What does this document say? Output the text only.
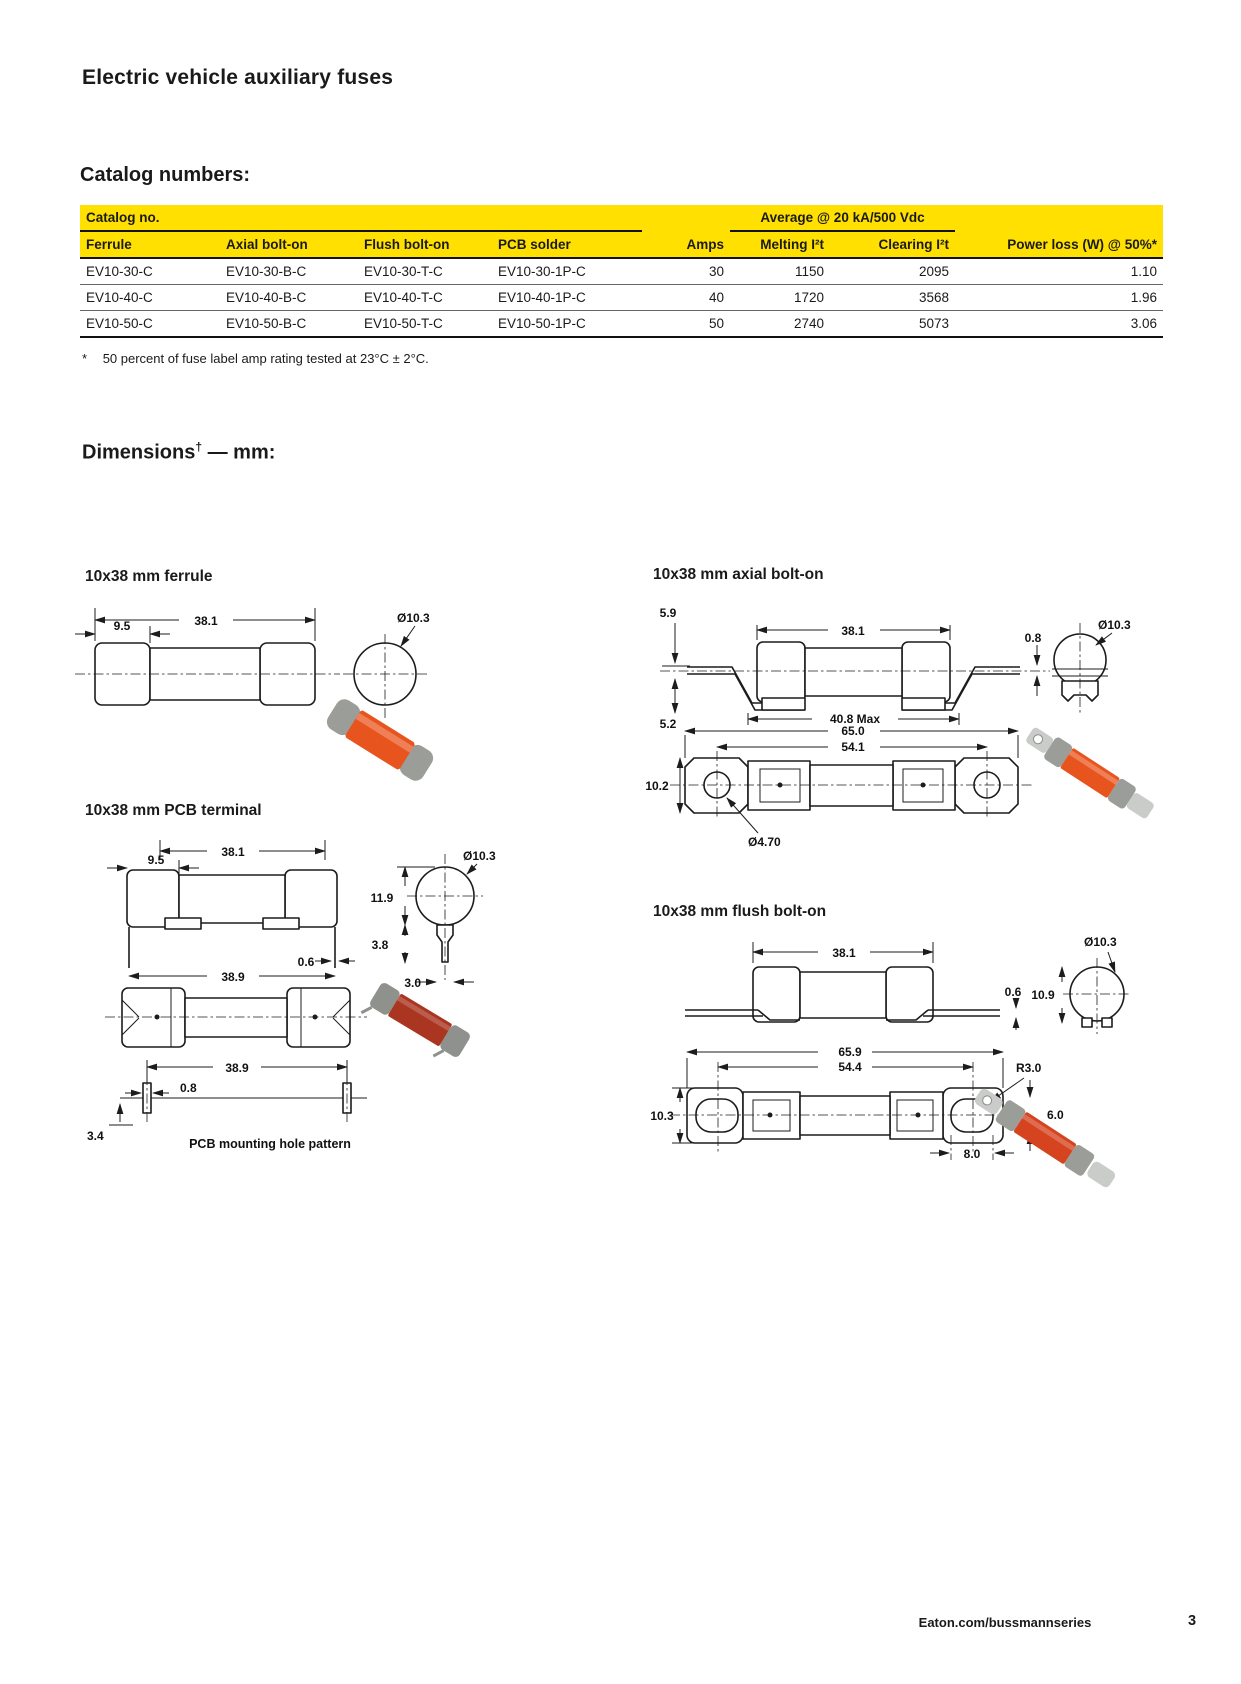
Electric vehicle auxiliary fuses
Catalog numbers:
Catalog no.	Average @ 20 kA/500 Vdc
Ferrule	Axial bolt-on	Flush bolt-on	PCB solder	Amps	Melting I²t	Clearing I²t	Power loss (W) @ 50%*
EV10-30-C	EV10-30-B-C	EV10-30-T-C	EV10-30-1P-C	30	1150	2095	1.10
EV10-40-C	EV10-40-B-C	EV10-40-T-C	EV10-40-1P-C	40	1720	3568	1.96
EV10-50-C	EV10-50-B-C	EV10-50-T-C	EV10-50-1P-C	50	2740	5073	3.06
* 50 percent of fuse label amp rating tested at 23°C ± 2°C.
Dimensions† — mm:
10x38 mm ferrule	10x38 mm axial bolt-on
10x38 mm PCB terminal
10x38 mm flush bolt-on
38.1
9.5
Ø10.3	5.9
38.1	0.8
40.8 Max
5.2
Ø10.3
65.0
54.1
10.2
Ø4.70
38.1
9.5
0.6
38.9
11.9
3.8
3.0
Ø10.3
38.9
0.8
3.4
PCB mounting hole pattern
38.1
0.6 10.9
Ø10.3
65.9
54.4
10.3
R3.0
6.0
8.0
Eaton.com/bussmannseries	3
